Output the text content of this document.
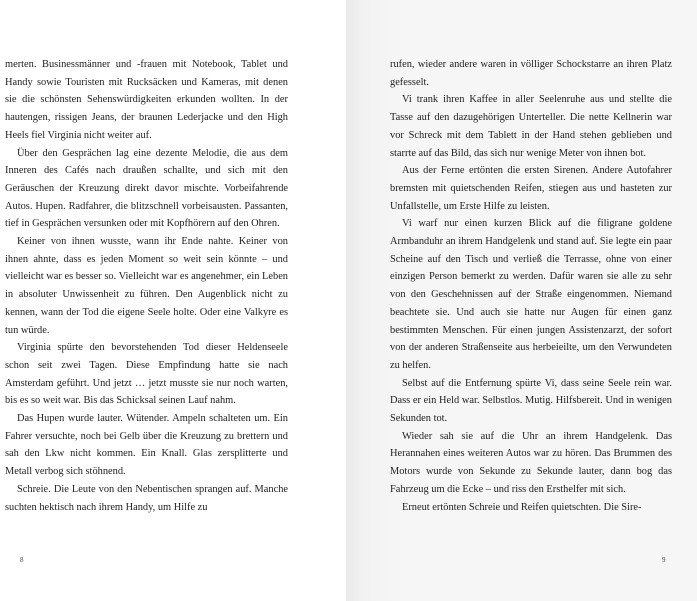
merten. Businessmänner und -frauen mit Notebook, Tablet und Handy sowie Touristen mit Rucksäcken und Kameras, mit denen sie die schönsten Sehenswürdigkeiten erkunden wollten. In der hautengen, rissigen Jeans, der braunen Lederjacke und den High Heels fiel Virginia nicht weiter auf.

Über den Gesprächen lag eine dezente Melodie, die aus dem Inneren des Cafés nach draußen schallte, und sich mit den Geräuschen der Kreuzung direkt davor mischte. Vorbeifahrende Autos. Hupen. Radfahrer, die blitzschnell vorbeisausten. Passanten, tief in Gesprächen versunken oder mit Kopfhörern auf den Ohren.

Keiner von ihnen wusste, wann ihr Ende nahte. Keiner von ihnen ahnte, dass es jeden Moment so weit sein könnte – und vielleicht war es besser so. Vielleicht war es angenehmer, ein Leben in absoluter Unwissenheit zu führen. Den Augenblick nicht zu kennen, wann der Tod die eigene Seele holte. Oder eine Valkyre es tun würde.

Virginia spürte den bevorstehenden Tod dieser Heldenseele schon seit zwei Tagen. Diese Empfindung hatte sie nach Amsterdam geführt. Und jetzt … jetzt musste sie nur noch warten, bis es so weit war. Bis das Schicksal seinen Lauf nahm.

Das Hupen wurde lauter. Wütender. Ampeln schalteten um. Ein Fahrer versuchte, noch bei Gelb über die Kreuzung zu brettern und sah den Lkw nicht kommen. Ein Knall. Glas zersplitterte und Metall verbog sich stöhnend.

Schreie. Die Leute von den Nebentischen sprangen auf. Manche suchten hektisch nach ihrem Handy, um Hilfe zu

8

rufen, wieder andere waren in völliger Schockstarre an ihren Platz gefesselt.

Vi trank ihren Kaffee in aller Seelenruhe aus und stellte die Tasse auf den dazugehörigen Unterteller. Die nette Kellnerin war vor Schreck mit dem Tablett in der Hand stehen geblieben und starrte auf das Bild, das sich nur wenige Meter von ihnen bot.

Aus der Ferne ertönten die ersten Sirenen. Andere Autofahrer bremsten mit quietschenden Reifen, stiegen aus und hasteten zur Unfallstelle, um Erste Hilfe zu leisten.

Vi warf nur einen kurzen Blick auf die filigrane goldene Armbanduhr an ihrem Handgelenk und stand auf. Sie legte ein paar Scheine auf den Tisch und verließ die Terrasse, ohne von einer einzigen Person bemerkt zu werden. Dafür waren sie alle zu sehr von den Geschehnissen auf der Straße eingenommen. Niemand beachtete sie. Und auch sie hatte nur Augen für einen ganz bestimmten Menschen. Für einen jungen Assistenzarzt, der sofort von der anderen Straßenseite aus herbeieilte, um den Verwundeten zu helfen.

Selbst auf die Entfernung spürte Vi, dass seine Seele rein war. Dass er ein Held war. Selbstlos. Mutig. Hilfsbereit. Und in wenigen Sekunden tot.

Wieder sah sie auf die Uhr an ihrem Handgelenk. Das Herannahen eines weiteren Autos war zu hören. Das Brummen des Motors wurde von Sekunde zu Sekunde lauter, dann bog das Fahrzeug um die Ecke – und riss den Ersthelfer mit sich.

Erneut ertönten Schreie und Reifen quietschten. Die Sire-

9
